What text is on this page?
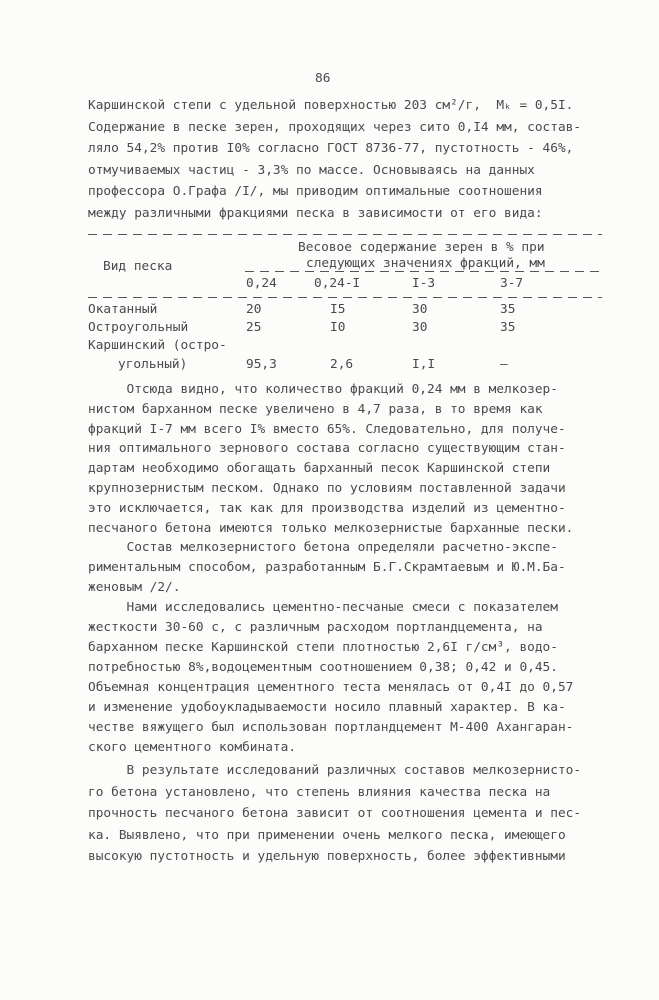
86
Каршинской степи с удельной поверхностью 203 см²/г,  Mₖ = 0,5I.
Содержание в песке зерен, проходящих через сито 0,I4 мм, состав-
ляло 54,2% против I0% согласно ГОСТ 8736-77, пустотность - 46%,
отмучиваемых частиц - 3,3% по массе. Основываясь на данных
профессора О.Графа /I/, мы приводим оптимальные соотношения
между различными фракциями песка в зависимости от его вида:
Весовое содержание зерен в % при
следующих значениях фракций, мм
Вид песка
0,24	0,24-I	I-3	3-7
Окатанный	20	I5	30	35
Остроугольный	25	I0	30	35
Каршинский (остро-
угольный)	95,3	2,6	I,I	—
Отсюда видно, что количество фракций 0,24 мм в мелкозер-
нистом барханном песке увеличено в 4,7 раза, в то время как
фракций I-7 мм всего I% вместо 65%. Следовательно, для получе-
ния оптимального зернового состава согласно существующим стан-
дартам необходимо обогащать барханный песок Каршинской степи
крупнозернистым песком. Однако по условиям поставленной задачи
это исключается, так как для производства изделий из цементно-
песчаного бетона имеются только мелкозернистые барханные пески.
Состав мелкозернистого бетона определяли расчетно-экспе-
риментальным способом, разработанным Б.Г.Скрамтаевым и Ю.М.Ба-
женовым /2/.
Нами исследовались цементно-песчаные смеси с показателем
жесткости 30-60 с, с различным расходом портландцемента, на
барханном песке Каршинской степи плотностью 2,6I г/см³, водо-
потребностью 8%,водоцементным соотношением 0,38; 0,42 и 0,45.
Объемная концентрация цементного теста менялась от 0,4I до 0,57
и изменение удобоукладываемости носило плавный характер. В ка-
честве вяжущего был использован портландцемент М-400 Ахангаран-
ского цементного комбината.
В результате исследований различных составов мелкозернисто-
го бетона установлено, что степень влияния качества песка на
прочность песчаного бетона зависит от соотношения цемента и пес-
ка. Выявлено, что при применении очень мелкого песка, имеющего
высокую пустотность и удельную поверхность, более эффективными
